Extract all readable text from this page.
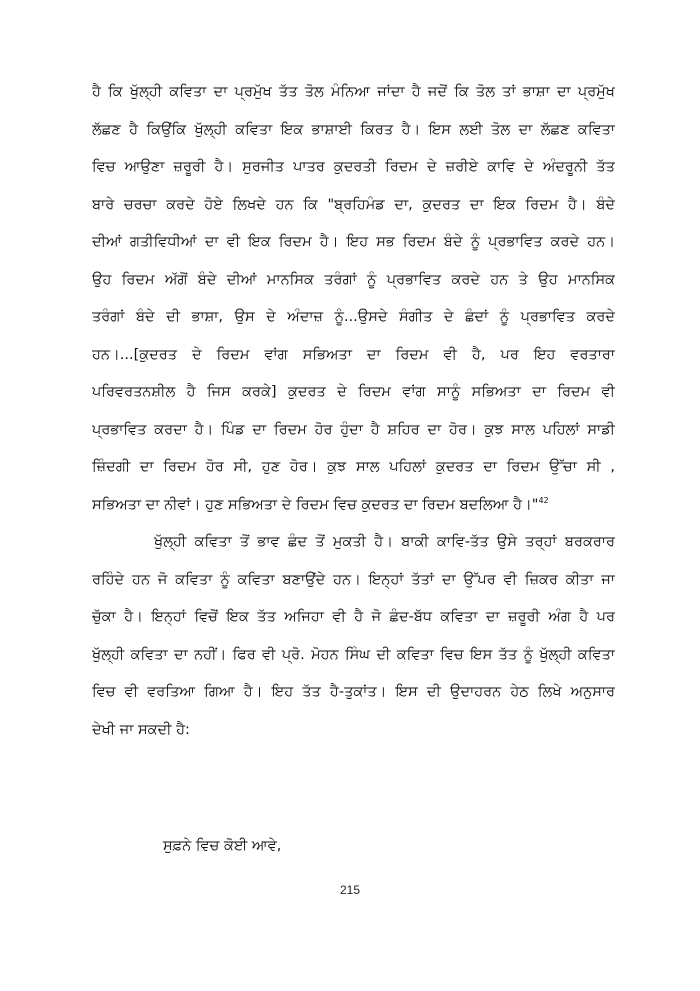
ਹੈ ਕਿ ਖੁੱਲ੍ਹੀ ਕਵਿਤਾ ਦਾ ਪ੍ਰਮੁੱਖ ਤੱਤ ਤੋਲ ਮੰਨਿਆ ਜਾਂਦਾ ਹੈ ਜਦੋਂ ਕਿ ਤੋਲ ਤਾਂ ਭਾਸ਼ਾ ਦਾ ਪ੍ਰਮੁੱਖ
ਲੱਛਣ ਹੈ ਕਿਉਂਕਿ ਖੁੱਲ੍ਹੀ ਕਵਿਤਾ ਇਕ ਭਾਸ਼ਾਈ ਕਿਰਤ ਹੈ। ਇਸ ਲਈ ਤੋਲ ਦਾ ਲੱਛਣ ਕਵਿਤਾ
ਵਿਚ ਆਉਣਾ ਜ਼ਰੂਰੀ ਹੈ। ਸੁਰਜੀਤ ਪਾਤਰ ਕੁਦਰਤੀ ਰਿਦਮ ਦੇ ਜ਼ਰੀਏ ਕਾਵਿ ਦੇ ਅੰਦਰੂਨੀ ਤੱਤ
ਬਾਰੇ ਚਰਚਾ ਕਰਦੇ ਹੋਏ ਲਿਖਦੇ ਹਨ ਕਿ "ਬ੍ਰਹਿਮੰਡ ਦਾ, ਕੁਦਰਤ ਦਾ ਇਕ ਰਿਦਮ ਹੈ। ਬੰਦੇ
ਦੀਆਂ ਗਤੀਵਿਧੀਆਂ ਦਾ ਵੀ ਇਕ ਰਿਦਮ ਹੈ। ਇਹ ਸਭ ਰਿਦਮ ਬੰਦੇ ਨੂੰ ਪ੍ਰਭਾਵਿਤ ਕਰਦੇ ਹਨ।
ਉਹ ਰਿਦਮ ਅੱਗੋਂ ਬੰਦੇ ਦੀਆਂ ਮਾਨਸਿਕ ਤਰੰਗਾਂ ਨੂੰ ਪ੍ਰਭਾਵਿਤ ਕਰਦੇ ਹਨ ਤੇ ਉਹ ਮਾਨਸਿਕ
ਤਰੰਗਾਂ ਬੰਦੇ ਦੀ ਭਾਸ਼ਾ, ਉਸ ਦੇ ਅੰਦਾਜ਼ ਨੂੰ...ਉਸਦੇ ਸੰਗੀਤ ਦੇ ਛੰਦਾਂ ਨੂੰ ਪ੍ਰਭਾਵਿਤ ਕਰਦੇ
ਹਨ।...[ਕੁਦਰਤ ਦੇ ਰਿਦਮ ਵਾਂਗ ਸਭਿਅਤਾ ਦਾ ਰਿਦਮ ਵੀ ਹੈ, ਪਰ ਇਹ ਵਰਤਾਰਾ
ਪਰਿਵਰਤਨਸ਼ੀਲ ਹੈ ਜਿਸ ਕਰਕੇ] ਕੁਦਰਤ ਦੇ ਰਿਦਮ ਵਾਂਗ ਸਾਨੂੰ ਸਭਿਅਤਾ ਦਾ ਰਿਦਮ ਵੀ
ਪ੍ਰਭਾਵਿਤ ਕਰਦਾ ਹੈ। ਪਿੰਡ ਦਾ ਰਿਦਮ ਹੋਰ ਹੁੰਦਾ ਹੈ ਸ਼ਹਿਰ ਦਾ ਹੋਰ। ਕੁਝ ਸਾਲ ਪਹਿਲਾਂ ਸਾਡੀ
ਜ਼ਿੰਦਗੀ ਦਾ ਰਿਦਮ ਹੋਰ ਸੀ, ਹੁਣ ਹੋਰ। ਕੁਝ ਸਾਲ ਪਹਿਲਾਂ ਕੁਦਰਤ ਦਾ ਰਿਦਮ ਉੱਚਾ ਸੀ ,
ਸਭਿਅਤਾ ਦਾ ਨੀਵਾਂ। ਹੁਣ ਸਭਿਅਤਾ ਦੇ ਰਿਦਮ ਵਿਚ ਕੁਦਰਤ ਦਾ ਰਿਦਮ ਬਦਲਿਆ ਹੈ।"$^{42}$
ਖੁੱਲ੍ਹੀ ਕਵਿਤਾ ਤੋਂ ਭਾਵ ਛੰਦ ਤੋਂ ਮੁਕਤੀ ਹੈ। ਬਾਕੀ ਕਾਵਿ-ਤੱਤ ਉਸੇ ਤਰ੍ਹਾਂ ਬਰਕਰਾਰ
ਰਹਿੰਦੇ ਹਨ ਜੋ ਕਵਿਤਾ ਨੂੰ ਕਵਿਤਾ ਬਣਾਉਂਦੇ ਹਨ। ਇਨ੍ਹਾਂ ਤੱਤਾਂ ਦਾ ਉੱਪਰ ਵੀ ਜ਼ਿਕਰ ਕੀਤਾ ਜਾ
ਚੁੱਕਾ ਹੈ। ਇਨ੍ਹਾਂ ਵਿਚੋਂ ਇਕ ਤੱਤ ਅਜਿਹਾ ਵੀ ਹੈ ਜੋ ਛੰਦ-ਬੱਧ ਕਵਿਤਾ ਦਾ ਜ਼ਰੂਰੀ ਅੰਗ ਹੈ ਪਰ
ਖੁੱਲ੍ਹੀ ਕਵਿਤਾ ਦਾ ਨਹੀਂ। ਫਿਰ ਵੀ ਪ੍ਰੋ. ਮੋਹਨ ਸਿੰਘ ਦੀ ਕਵਿਤਾ ਵਿਚ ਇਸ ਤੱਤ ਨੂੰ ਖੁੱਲ੍ਹੀ ਕਵਿਤਾ
ਵਿਚ ਵੀ ਵਰਤਿਆ ਗਿਆ ਹੈ। ਇਹ ਤੱਤ ਹੈ-ਤੁਕਾਂਤ। ਇਸ ਦੀ ਉਦਾਹਰਨ ਹੇਠ ਲਿਖੇ ਅਨੁਸਾਰ
ਦੇਖੀ ਜਾ ਸਕਦੀ ਹੈ:
ਸੁਫ਼ਨੇ ਵਿਚ ਕੋਈ ਆਵੇ,
215
